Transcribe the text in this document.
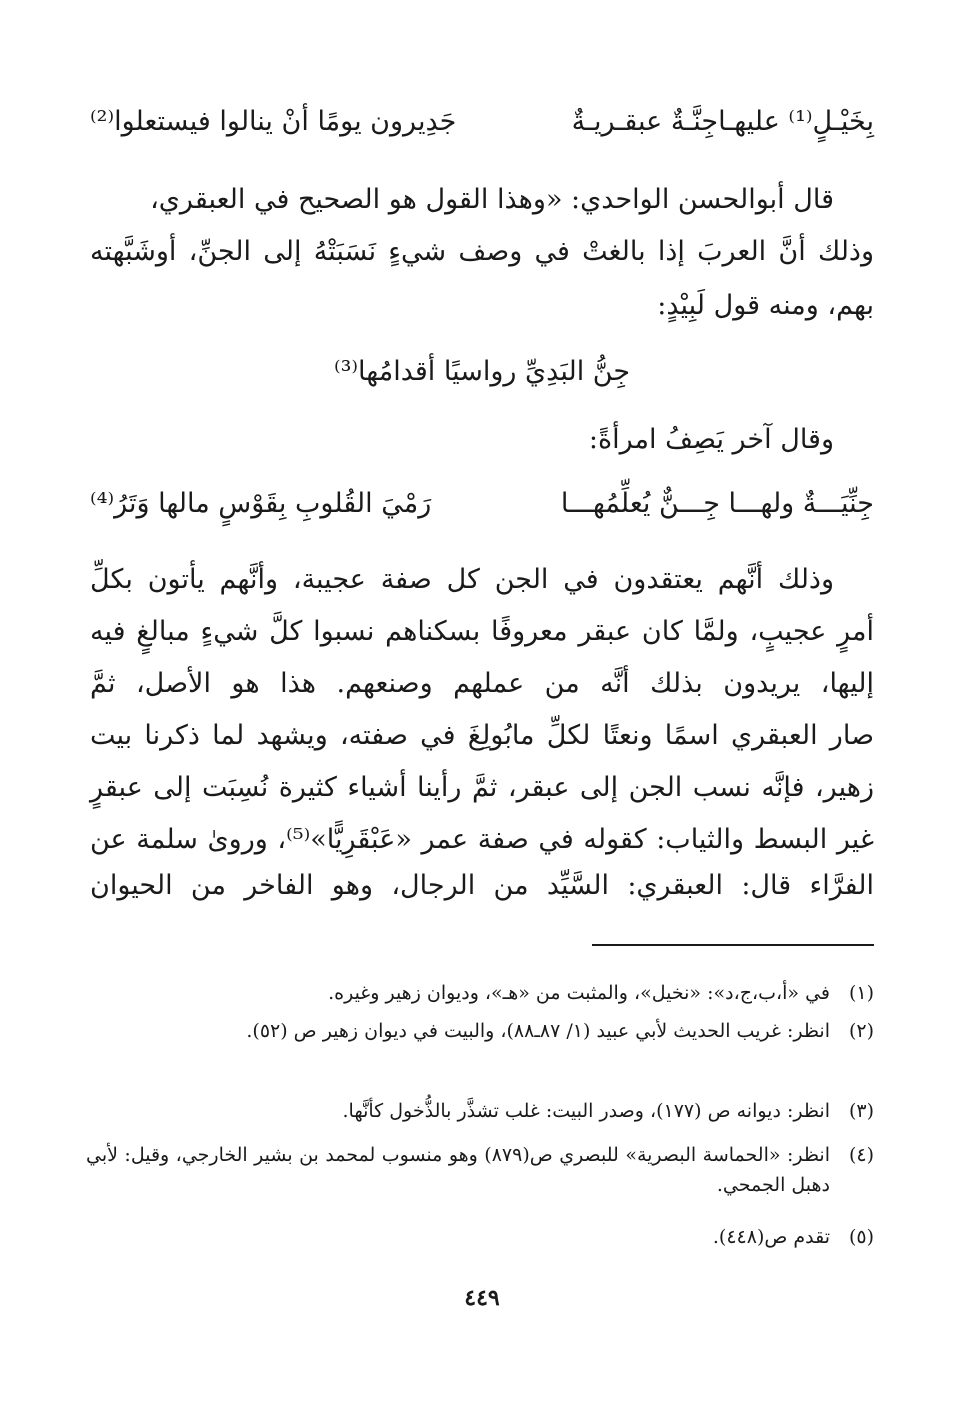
بِخَيْـلٍ⁽¹⁾ عليهـاجِنَّـةٌ عبقـريـةٌ
جَدِيرون يومًا أنْ ينالوا فيستعلوا⁽²⁾
قال أبوالحسن الواحدي: «وهذا القول هو الصحيح في العبقري،
وذلك أنَّ العربَ إذا بالغتْ في وصف شيءٍ نَسَبَتْهُ إلى الجنِّ، أوشَبَّهته
بهم، ومنه قول لَبِيْدٍ:
جِنُّ البَدِيِّ رواسيًا أقدامُها⁽³⁾
وقال آخر يَصِفُ امرأةً:
جِنِّيَـــةٌ ولهـــا جِـــنٌّ يُعلِّمُهـــا
رَمْيَ القُلوبِ بِقَوْسٍ مالها وَتَرُ⁽⁴⁾
وذلك أنَّهم يعتقدون في الجن كل صفة عجيبة، وأنَّهم يأتون بكلِّ
أمرٍ عجيبٍ، ولمَّا كان عبقر معروفًا بسكناهم نسبوا كلَّ شيءٍ مبالغٍ فيه
إليها، يريدون بذلك أنَّه من عملهم وصنعهم. هذا هو الأصل، ثمَّ
صار العبقري اسمًا ونعتًا لكلِّ مابُولِغَ في صفته، ويشهد لما ذكرنا بيت
زهير، فإنَّه نسب الجن إلى عبقر، ثمَّ رأينا أشياء كثيرة نُسِبَت إلى عبقرٍ
غير البسط والثياب: كقوله في صفة عمر «عَبْقَرِيًّا»⁽⁵⁾، وروىٰ سلمة عن
الفرَّاء قال: العبقري: السَّيِّد من الرجال، وهو الفاخر من الحيوان
(١)
في «أ،ب،ج،د»: «نخيل»، والمثبت من «هـ»، وديوان زهير وغيره.
(٢)
انظر: غريب الحديث لأبي عبيد (١/ ٨٧ـ٨٨)، والبيت في ديوان زهير ص (٥٢).
(٣)
انظر: ديوانه ص (١٧٧)، وصدر البيت: غلب تشذَّر بالذُّخول كأنَّها.
(٤)
انظر: «الحماسة البصرية» للبصري ص(٨٧٩) وهو منسوب لمحمد بن بشير الخارجي، وقيل: لأبي دهبل الجمحي.
(٥)
تقدم ص(٤٤٨).
٤٤٩
